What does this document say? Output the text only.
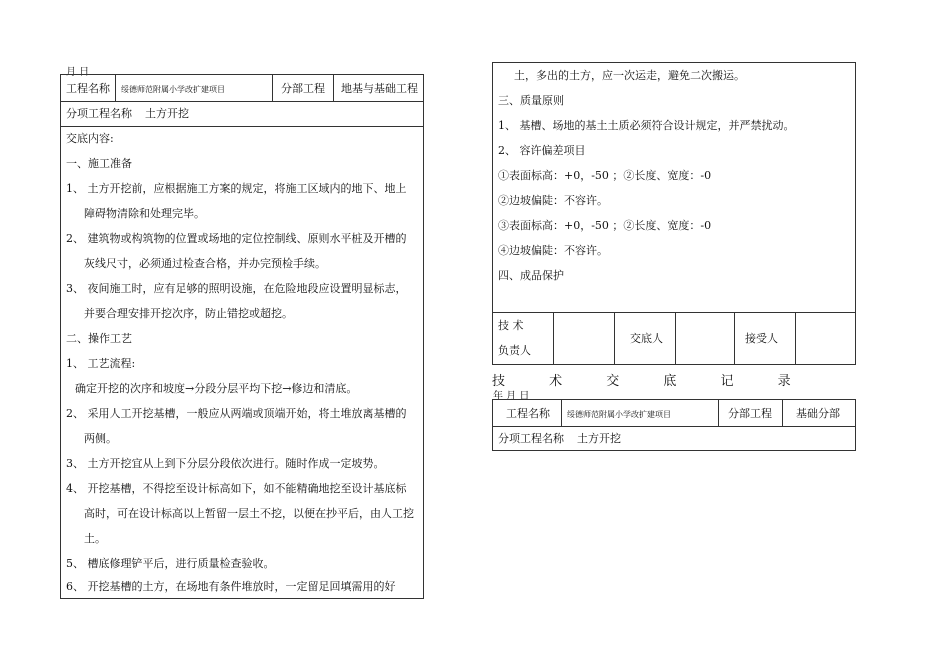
月 日
工程名称 绥德师范附属小学改扩建项目	分部工程 地基与基础工程
分项工程名称 土方开挖
交底内容:
一、施工准备
1、 土方开挖前，应根据施工方案的规定，将施工区域内的地下、地上
障碍物清除和处理完毕。
2、 建筑物或构筑物的位置或场地的定位控制线、原则水平桩及开槽的
灰线尺寸，必须通过检查合格，并办完预检手续。
3、 夜间施工时，应有足够的照明设施，在危险地段应设置明显标志，
并要合理安排开挖次序，防止错挖或超挖。
二、操作工艺
1、 工艺流程:
确定开挖的次序和坡度→分段分层平均下挖→修边和清底。
2、 采用人工开挖基槽，一般应从两端或顶端开始，将土堆放离基槽的
两侧。
3、 土方开挖宜从上到下分层分段依次进行。随时作成一定坡势。
4、 开挖基槽，不得挖至设计标高如下，如不能精确地挖至设计基底标
高时，可在设计标高以上暂留一层土不挖，以便在抄平后，由人工挖
土。
5、 槽底修理铲平后，进行质量检查验收。
6、 开挖基槽的土方，在场地有条件堆放时，一定留足回填需用的好
土，多出的土方，应一次运走，避免二次搬运。
三、质量原则
1、 基槽、场地的基土土质必须符合设计规定，并严禁扰动。
2、 容许偏差项目
①表面标高：+0，-50 ；②长度、宽度：-0
②边坡偏陡：不容许。
③表面标高：+0，-50 ；②长度、宽度：-0
④边坡偏陡：不容许。
四、成品保护
技 术
负责人
交底人	接受人
技 术 交 底 记 录
年 月 日
工程名称 绥德师范附属小学改扩建项目	分部工程 基础分部
分项工程名称 土方开挖
